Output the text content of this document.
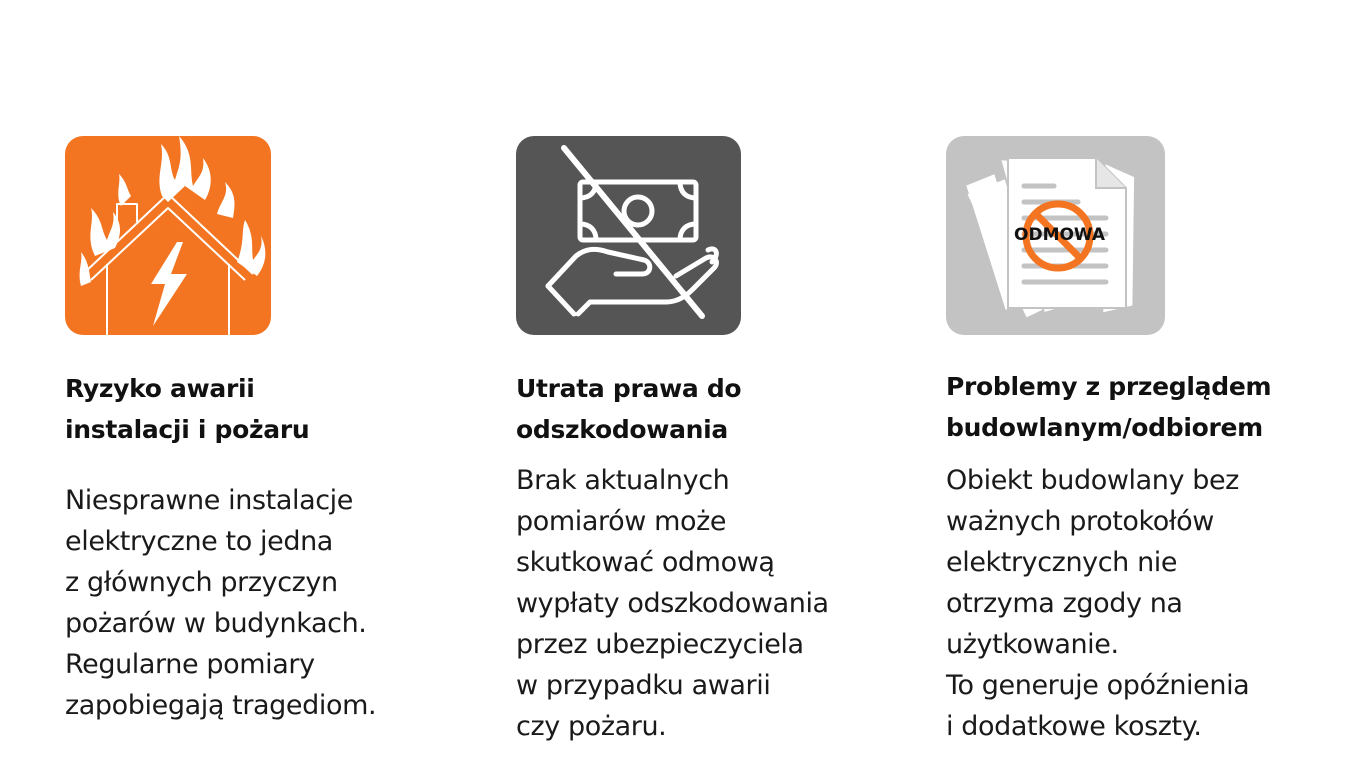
Ryzyko awarii
instalacji i pożaru

Niesprawne instalacje
elektryczne to jedna
z głównych przyczyn
pożarów w budynkach.
Regularne pomiary
zapobiegają tragediom.

Utrata prawa do
odszkodowania

Brak aktualnych
pomiarów może
skutkować odmową
wypłaty odszkodowania
przez ubezpieczyciela
w przypadku awarii
czy pożaru.

ODMOWA
Problemy z przeglądem
budowlanym/odbiorem

Obiekt budowlany bez
ważnych protokołów
elektrycznych nie
otrzyma zgody na
użytkowanie.
To generuje opóźnienia
i dodatkowe koszty.
